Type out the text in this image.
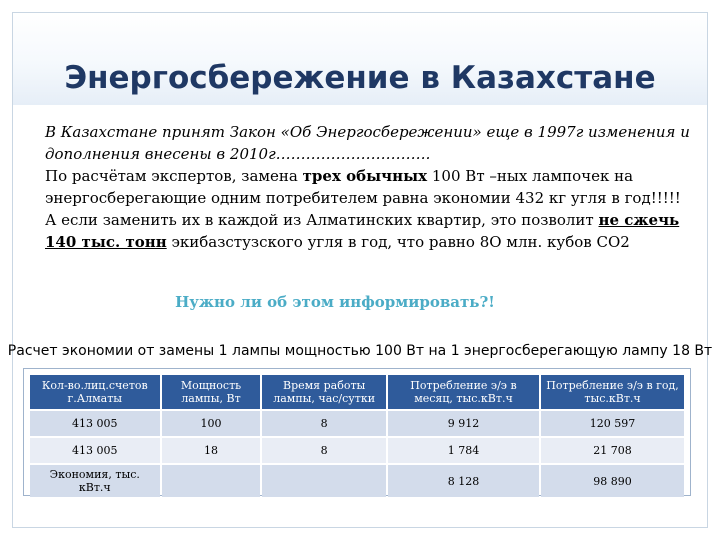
Энергосбережение в Казахстане

В Казахстане принят Закон «Об Энергосбережении» еще в 1997г изменения и дополнения внесены в 2010г………………………….

По расчётам экспертов, замена трех обычных 100 Вт –ных лампочек на энергосберегающие одним потребителем равна экономии 432 кг угля в год!!!!!

А если заменить их в каждой из Алматинских квартир, это позволит не сжечь 140 тыс. тонн экибазстузского угля в год, что равно 8О млн. кубов СО2

Нужно ли об этом информировать?!
Расчет экономии от замены 1 лампы мощностью 100 Вт на 1 энергосберегающую лампу 18 Вт
Кол-во.лиц.счетов г.Алматы	Мощность лампы, Вт	Время работы лампы, час/сутки	Потребление э/э в месяц, тыс.кВт.ч	Потребление э/э в год, тыс.кВт.ч
413 005	100	8	9 912	120 597
413 005	18	8	1 784	21 708
Экономия, тыс. кВт.ч			8 128	98 890
